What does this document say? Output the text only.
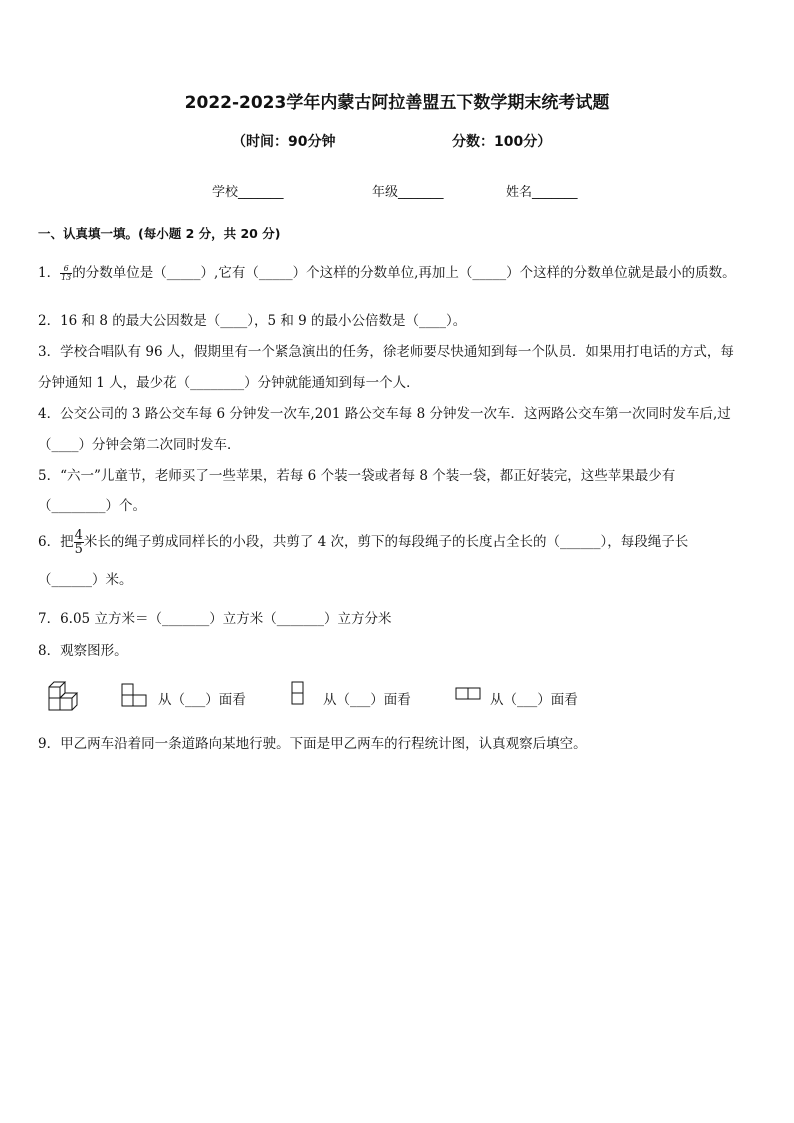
2022-2023学年内蒙古阿拉善盟五下数学期末统考试题
（时间：90分钟	分数：100分）
学校_______	年级_______	姓名_______
一、认真填一填。(每小题 2 分，共 20 分)
1． $\frac{6}{13}$ 的分数单位是（_____）,它有（_____）个这样的分数单位,再加上（_____）个这样的分数单位就是最小的质数。
2．16 和 8 的最大公因数是（____），5 和 9 的最小公倍数是（____）。
3．学校合唱队有 96 人，假期里有一个紧急演出的任务，徐老师要尽快通知到每一个队员．如果用打电话的方式，每
分钟通知 1 人，最少花（________）分钟就能通知到每一个人．
4．公交公司的 3 路公交车每 6 分钟发一次车,201 路公交车每 8 分钟发一次车．这两路公交车第一次同时发车后,过
（____）分钟会第二次同时发车．
5．“六一”儿童节，老师买了一些苹果，若每 6 个装一袋或者每 8 个装一袋，都正好装完，这些苹果最少有
（________）个。
6．把 $\frac{4}{5}$ 米长的绳子剪成同样长的小段，共剪了 4 次，剪下的每段绳子的长度占全长的（______），每段绳子长
（______）米。
7．6.05 立方米＝（_______）立方米（_______）立方分米
8．观察图形。
从（___）面看	从（___）面看	从（___）面看
9．甲乙两车沿着同一条道路向某地行驶。下面是甲乙两车的行程统计图，认真观察后填空。
